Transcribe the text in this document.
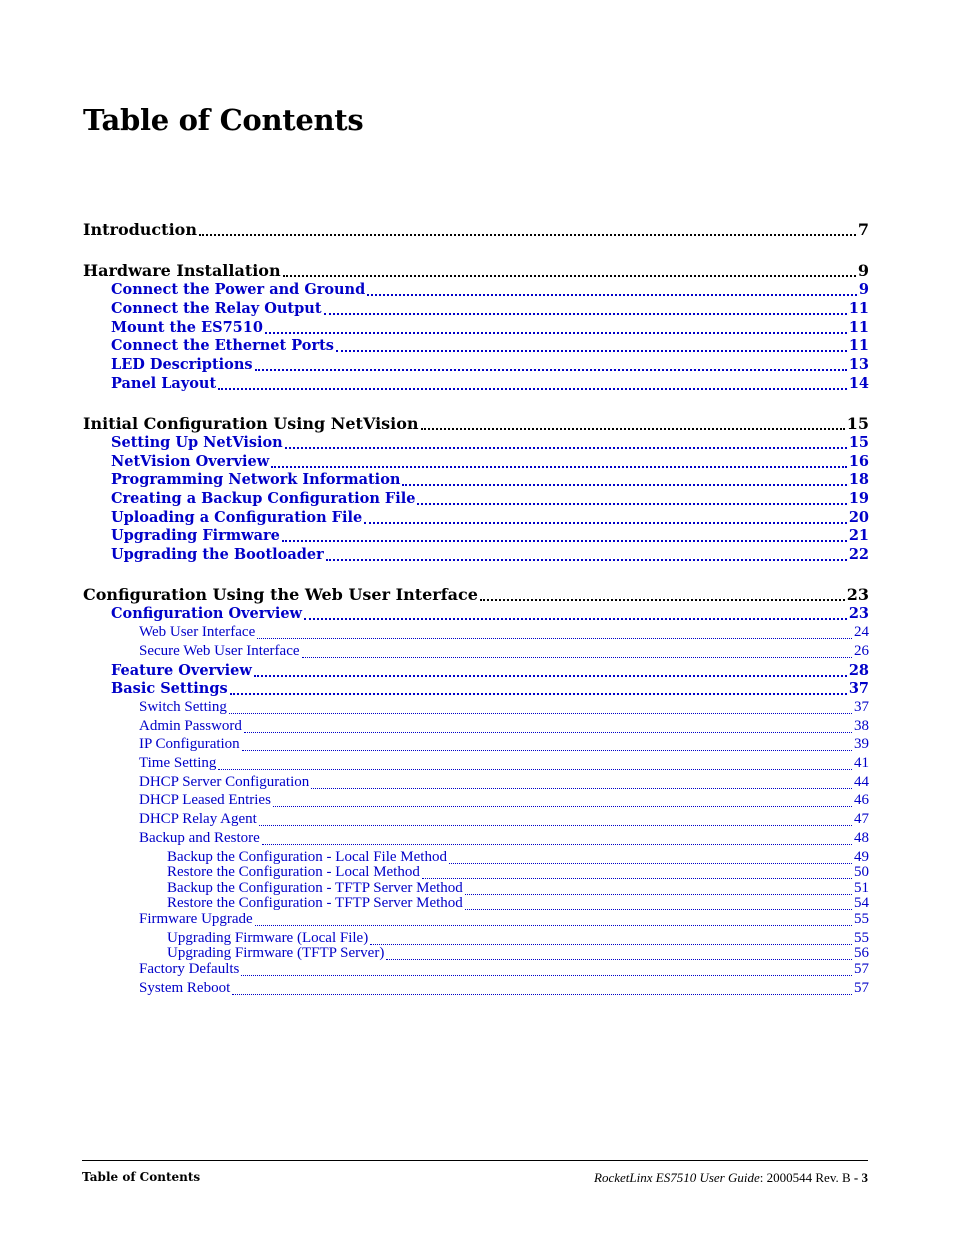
Table of Contents
Introduction	7
Hardware Installation	9
Connect the Power and Ground	9
Connect the Relay Output	11
Mount the ES7510	11
Connect the Ethernet Ports	11
LED Descriptions	13
Panel Layout	14
Initial Configuration Using NetVision	15
Setting Up NetVision	15
NetVision Overview	16
Programming Network Information	18
Creating a Backup Configuration File	19
Uploading a Configuration File	20
Upgrading Firmware	21
Upgrading the Bootloader	22
Configuration Using the Web User Interface	23
Configuration Overview	23
Web User Interface	24
Secure Web User Interface	26
Feature Overview	28
Basic Settings	37
Switch Setting	37
Admin Password	38
IP Configuration	39
Time Setting	41
DHCP Server Configuration	44
DHCP Leased Entries	46
DHCP Relay Agent	47
Backup and Restore	48
Backup the Configuration - Local File Method	49
Restore the Configuration - Local Method	50
Backup the Configuration - TFTP Server Method	51
Restore the Configuration - TFTP Server Method	54
Firmware Upgrade	55
Upgrading Firmware (Local File)	55
Upgrading Firmware (TFTP Server)	56
Factory Defaults	57
System Reboot	57
Table of Contents	RocketLinx ES7510 User Guide: 2000544 Rev. B - 3
